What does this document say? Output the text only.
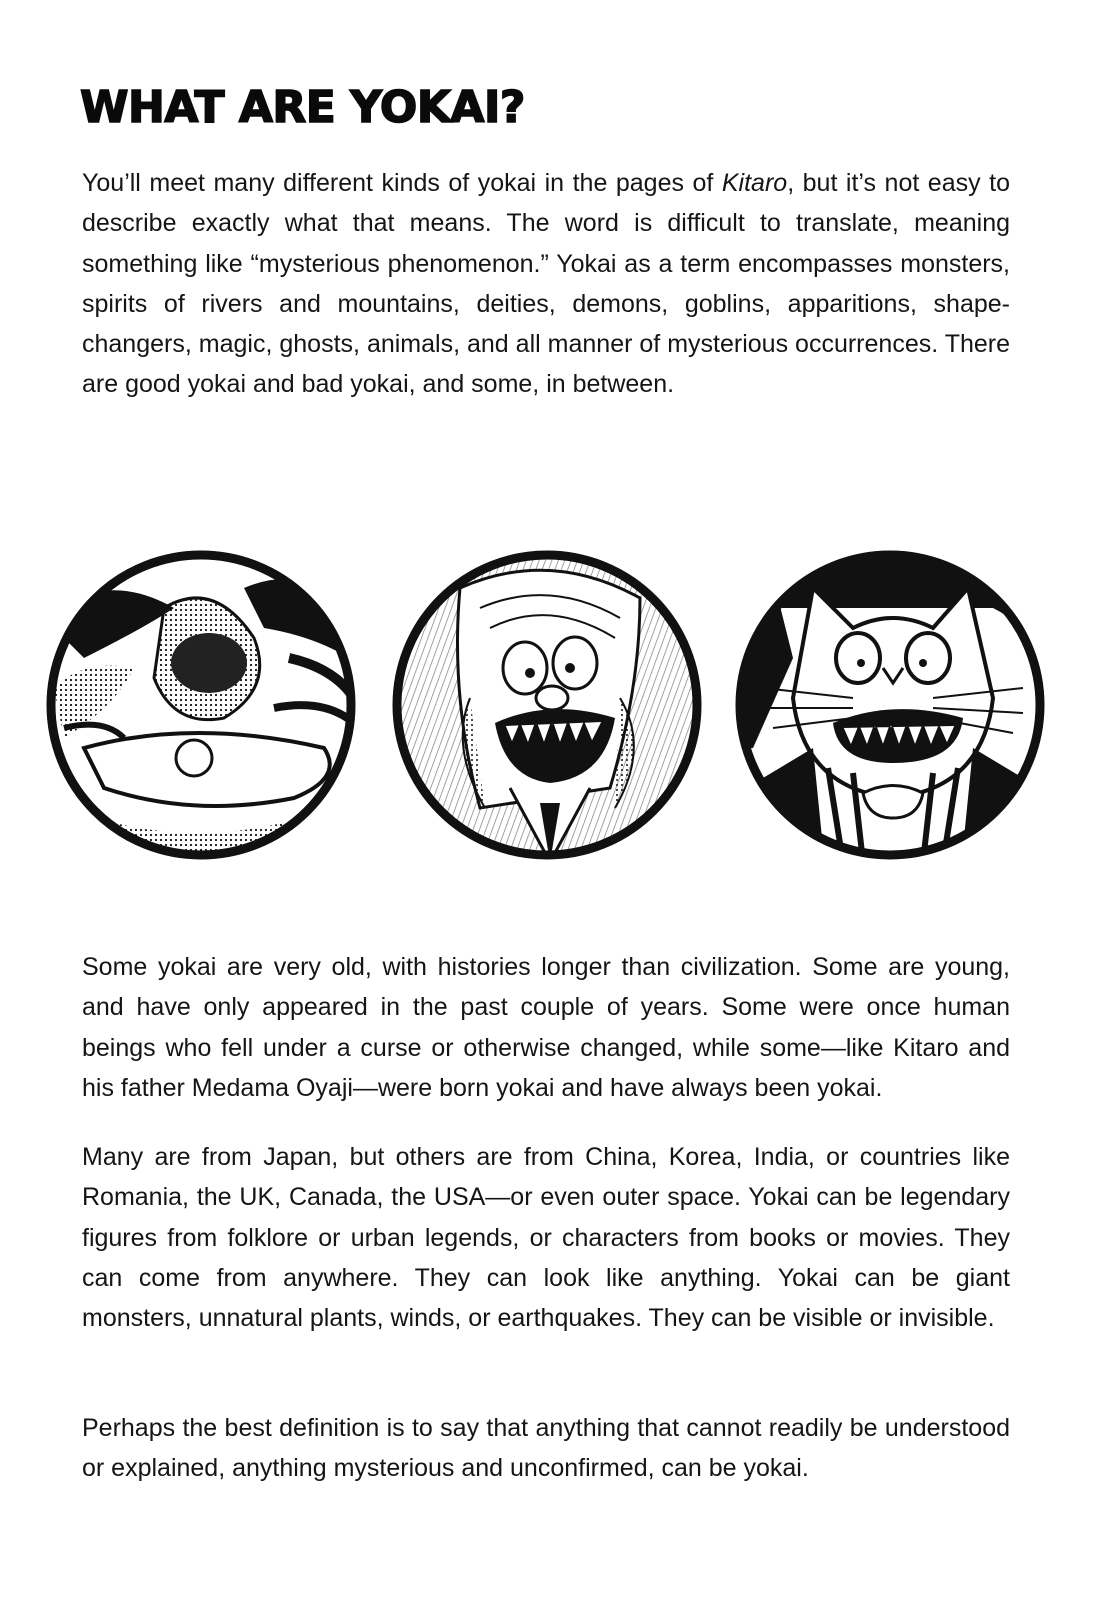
WHAT ARE YOKAI?

You’ll meet many different kinds of yokai in the pages of Kitaro, but it’s not easy to describe exactly what that means. The word is difficult to translate, meaning something like “mysterious phenomenon.” Yokai as a term encompasses monsters, spirits of rivers and mountains, deities, demons, goblins, apparitions, shape-changers, magic, ghosts, animals, and all manner of mysterious occurrences. There are good yokai and bad yokai, and some, in between.

Some yokai are very old, with histories longer than civilization. Some are young, and have only appeared in the past couple of years. Some were once human beings who fell under a curse or otherwise changed, while some—like Kitaro and his father Medama Oyaji—were born yokai and have always been yokai.

Many are from Japan, but others are from China, Korea, India, or countries like Romania, the UK, Canada, the USA—or even outer space. Yokai can be legendary figures from folklore or urban legends, or characters from books or movies. They can come from anywhere. They can look like anything. Yokai can be giant monsters, unnatural plants, winds, or earthquakes. They can be visible or invisible.

Perhaps the best definition is to say that anything that cannot readily be understood or explained, anything mysterious and unconfirmed, can be yokai.
